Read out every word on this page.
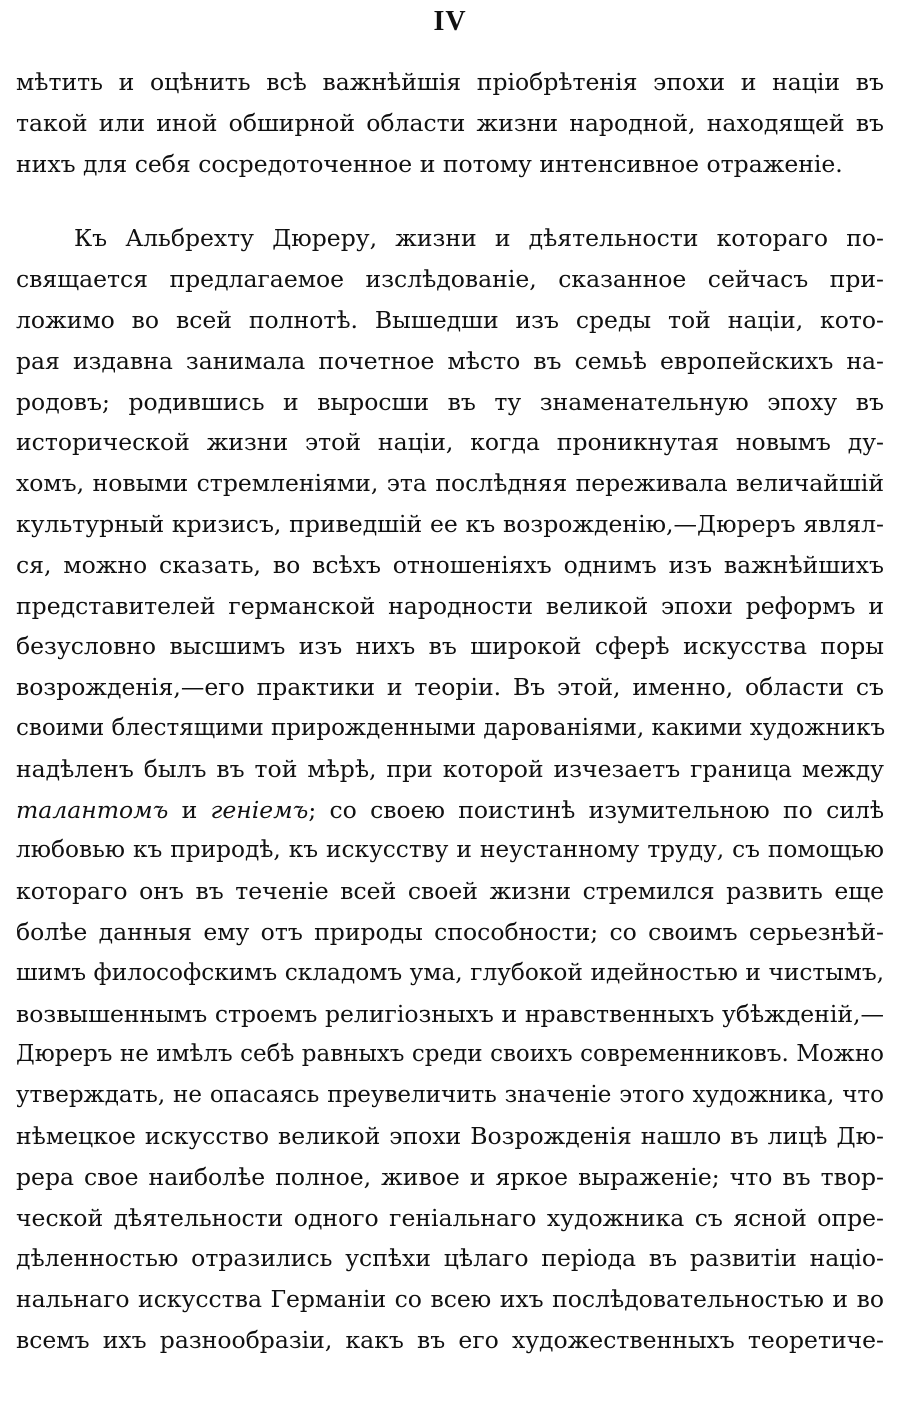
IV
мѣтить и оцѣнить всѣ важнѣйшія пріобрѣтенія эпохи и націи въ
такой или иной обширной области жизни народной, находящей въ
нихъ для себя сосредоточенное и потому интенсивное отраженіе.
Къ Альбрехту Дюреру, жизни и дѣятельности котораго по-
свящается предлагаемое изслѣдованіе, сказанное сейчасъ при-
ложимо во всей полнотѣ. Вышедши изъ среды той націи, кото-
рая издавна занимала почетное мѣсто въ семьѣ европейскихъ на-
родовъ; родившись и выросши въ ту знаменательную эпоху въ
исторической жизни этой націи, когда проникнутая новымъ ду-
хомъ, новыми стремленіями, эта послѣдняя переживала величайшій
культурный кризисъ, приведшій ее къ возрожденію,—Дюреръ являл-
ся, можно сказать, во всѣхъ отношеніяхъ однимъ изъ важнѣйшихъ
представителей германской народности великой эпохи реформъ и
безусловно высшимъ изъ нихъ въ широкой сферѣ искусства поры
возрожденія,—его практики и теоріи. Въ этой, именно, области съ
своими блестящими прирожденными дарованіями, какими художникъ
надѣленъ былъ въ той мѣрѣ, при которой изчезаетъ граница между
талантомъ и геніемъ; со своею поистинѣ изумительною по силѣ
любовью къ природѣ, къ искусству и неустанному труду, съ помощью
котораго онъ въ теченіе всей своей жизни стремился развить еще
болѣе данныя ему отъ природы способности; со своимъ серьезнѣй-
шимъ философскимъ складомъ ума, глубокой идейностью и чистымъ,
возвышеннымъ строемъ религіозныхъ и нравственныхъ убѣжденій,—
Дюреръ не имѣлъ себѣ равныхъ среди своихъ современниковъ. Можно
утверждать, не опасаясь преувеличить значеніе этого художника, что
нѣмецкое искусство великой эпохи Возрожденія нашло въ лицѣ Дю-
рера свое наиболѣе полное, живое и яркое выраженіе; что въ твор-
ческой дѣятельности одного геніальнаго художника съ ясной опре-
дѣленностью отразились успѣхи цѣлаго періода въ развитіи націо-
нальнаго искусства Германіи со всею ихъ послѣдовательностью и во
всемъ ихъ разнообразіи, какъ въ его художественныхъ теоретиче-
